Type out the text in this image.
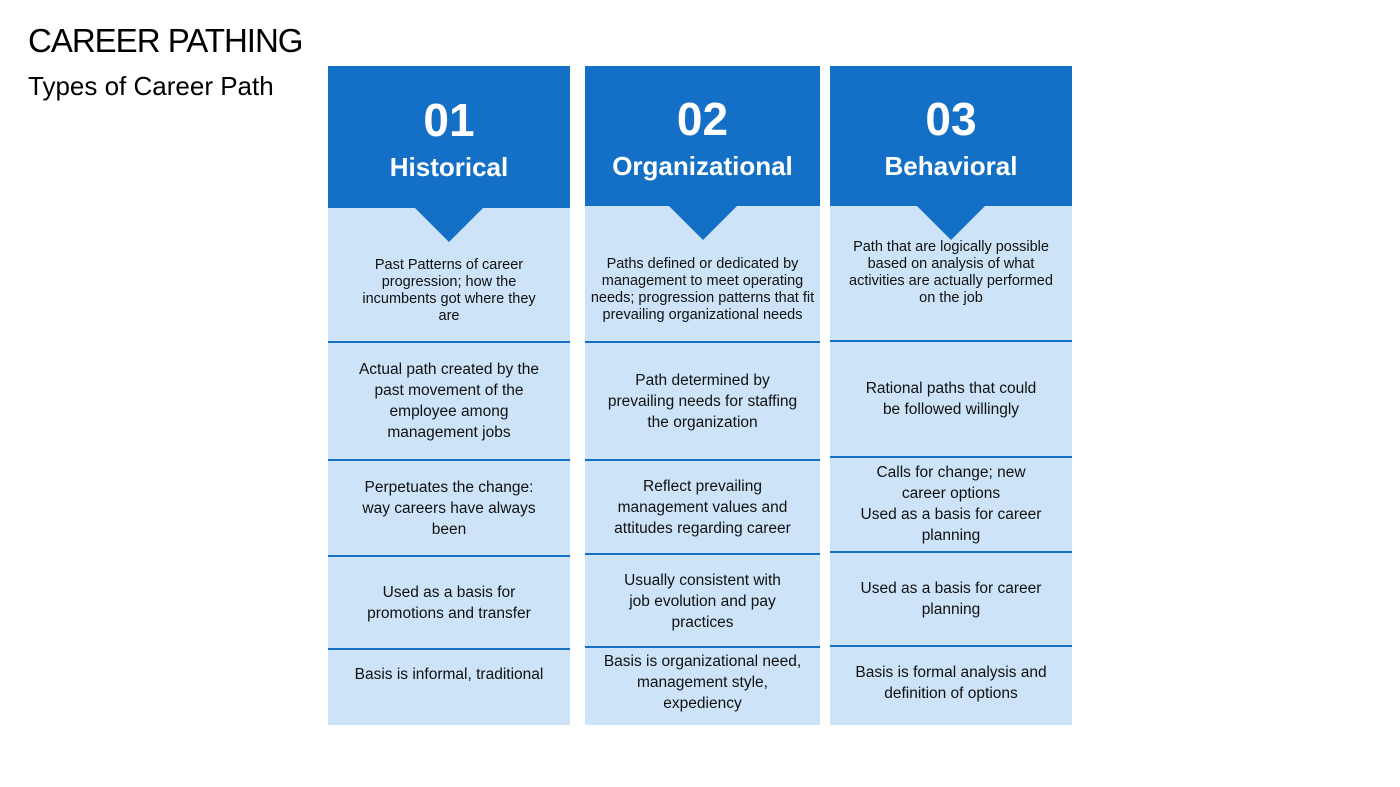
CAREER PATHING
Types of Career Path
01
Historical
Past Patterns of career progression; how the incumbents got where they are
Actual path created by the past movement of the employee among management jobs
Perpetuates the change: way careers have always been
Used as a basis for promotions and transfer
Basis is informal, traditional
02
Organizational
Paths defined or dedicated by management to meet operating needs; progression patterns that fit prevailing organizational needs
Path determined by prevailing needs for staffing the organization
Reflect prevailing management values and attitudes regarding career
Usually consistent with job evolution and pay practices
Basis is organizational need, management style, expediency
03
Behavioral
Path that are logically possible based on analysis of what activities are actually performed on the job
Rational paths that could be followed willingly
Calls for change; new career options
Used as a basis for career planning
Used as a basis for career planning
Basis is formal analysis and definition of options
